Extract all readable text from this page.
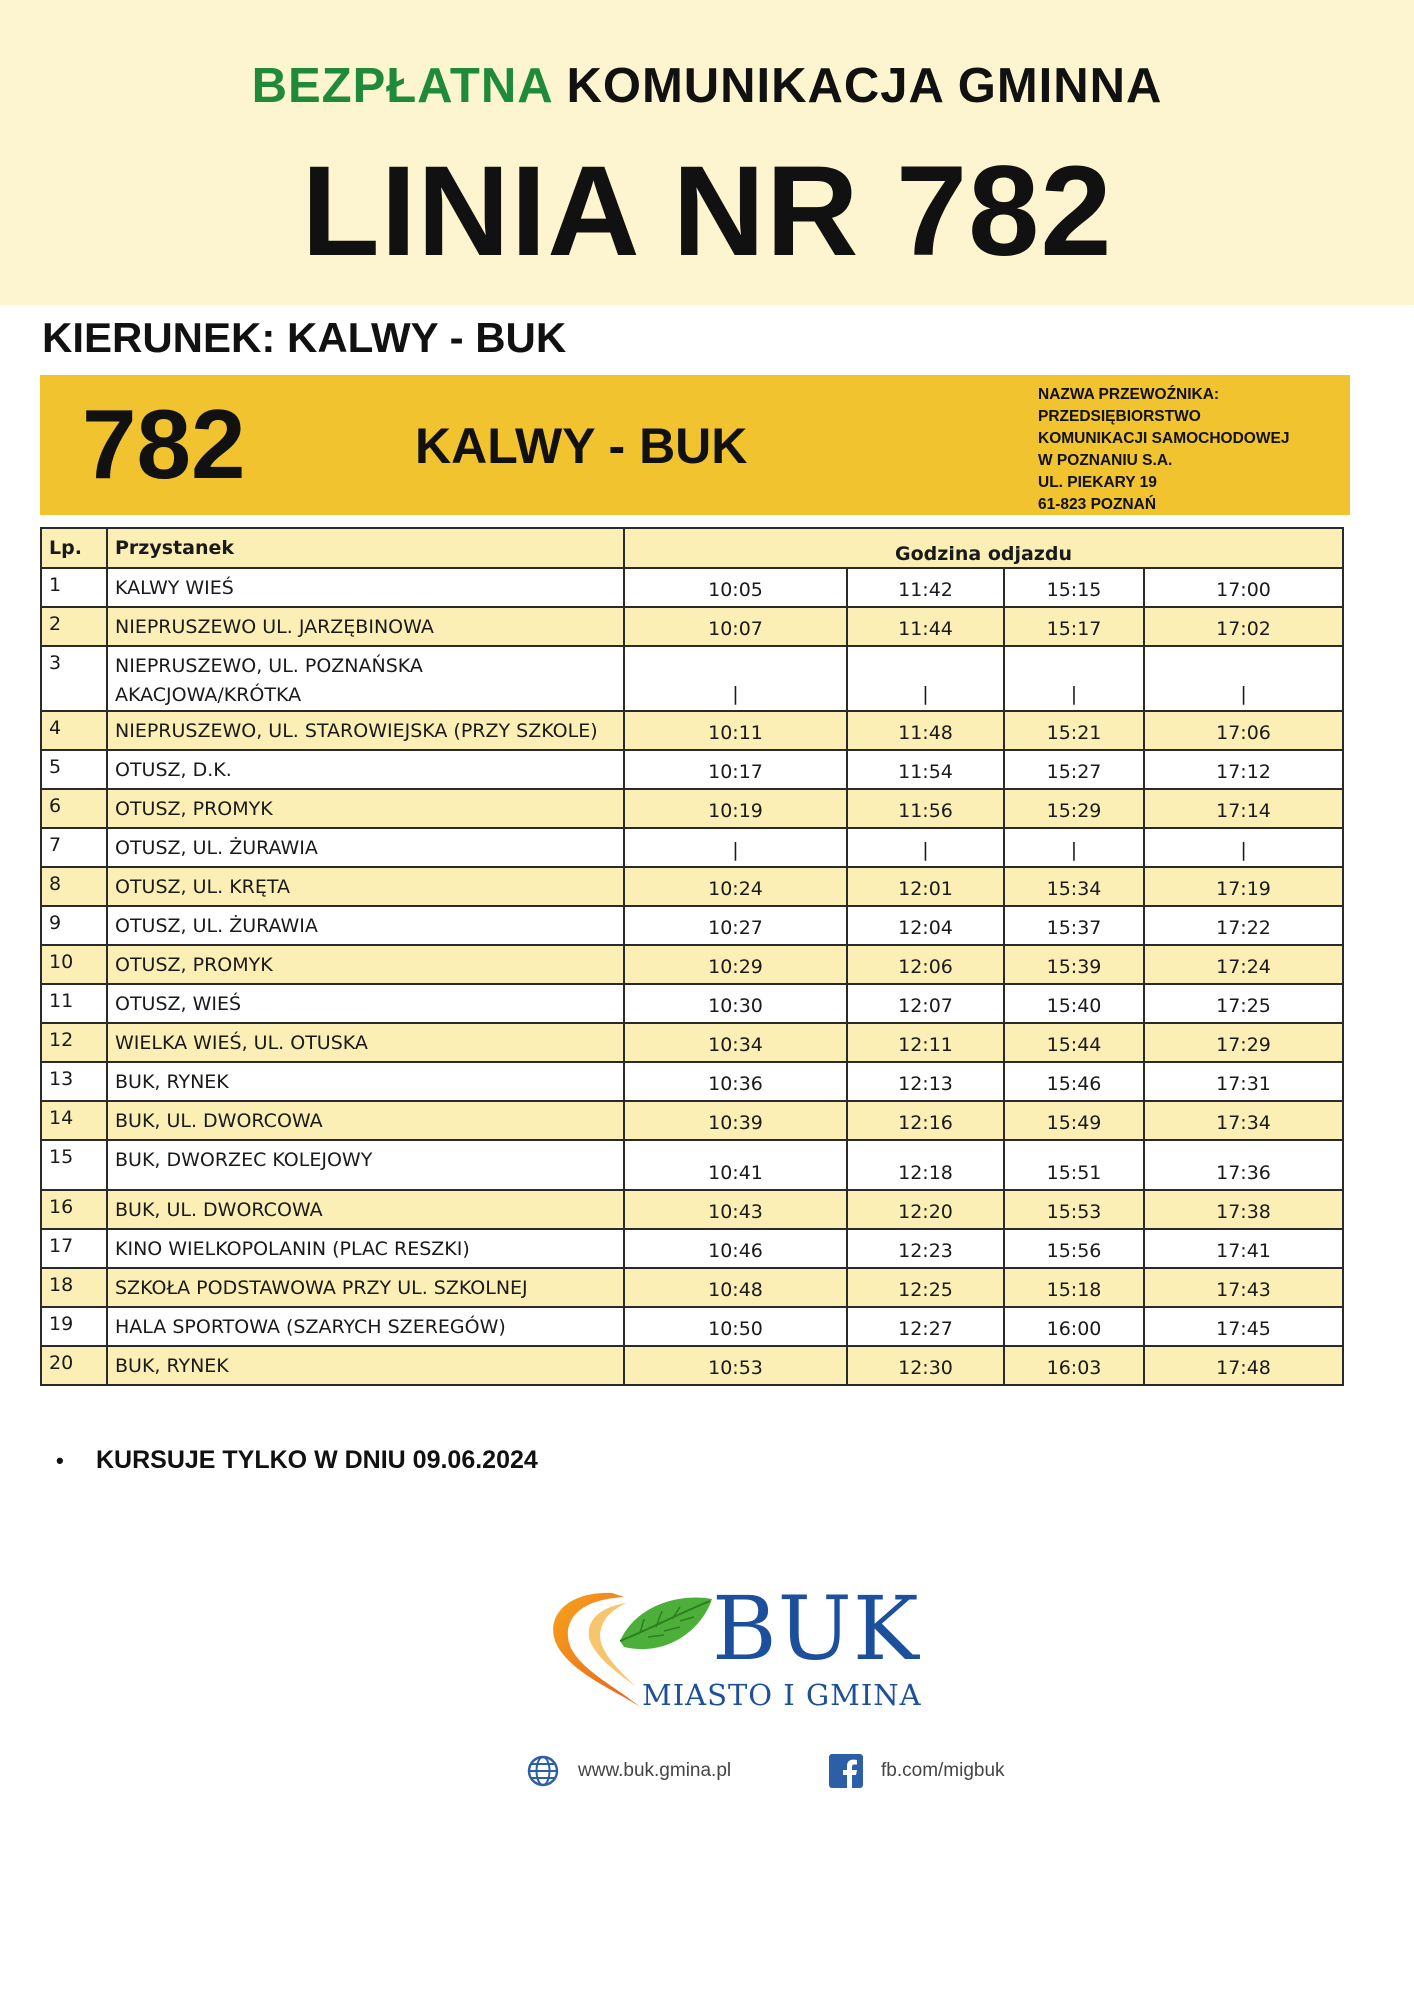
BEZPŁATNA KOMUNIKACJA GMINNA
LINIA NR 782
KIERUNEK: KALWY - BUK
782	KALWY - BUK
NAZWA PRZEWOŹNIKA:
PRZEDSIĘBIORSTWO
KOMUNIKACJI SAMOCHODOWEJ
W POZNANIU S.A.
UL. PIEKARY 19
61-823 POZNAŃ
Lp.	Przystanek	Godzina odjazdu			
1	KALWY WIEŚ	10:05	11:42	15:15	17:00
2	NIEPRUSZEWO UL. JARZĘBINOWA	10:07	11:44	15:17	17:02
3	NIEPRUSZEWO, UL. POZNAŃSKA
AKACJOWA/KRÓTKA	|	|	|	|
4	NIEPRUSZEWO, UL. STAROWIEJSKA (PRZY SZKOLE)	10:11	11:48	15:21	17:06
5	OTUSZ, D.K.	10:17	11:54	15:27	17:12
6	OTUSZ, PROMYK	10:19	11:56	15:29	17:14
7	OTUSZ, UL. ŻURAWIA	|	|	|	|
8	OTUSZ, UL. KRĘTA	10:24	12:01	15:34	17:19
9	OTUSZ, UL. ŻURAWIA	10:27	12:04	15:37	17:22
10	OTUSZ, PROMYK	10:29	12:06	15:39	17:24
11	OTUSZ, WIEŚ	10:30	12:07	15:40	17:25
12	WIELKA WIEŚ, UL. OTUSKA	10:34	12:11	15:44	17:29
13	BUK, RYNEK	10:36	12:13	15:46	17:31
14	BUK, UL. DWORCOWA	10:39	12:16	15:49	17:34
15	BUK, DWORZEC KOLEJOWY	10:41	12:18	15:51	17:36
16	BUK, UL. DWORCOWA	10:43	12:20	15:53	17:38
17	KINO WIELKOPOLANIN (PLAC RESZKI)	10:46	12:23	15:56	17:41
18	SZKOŁA PODSTAWOWA PRZY UL. SZKOLNEJ	10:48	12:25	15:18	17:43
19	HALA SPORTOWA (SZARYCH SZEREGÓW)	10:50	12:27	16:00	17:45
20	BUK, RYNEK	10:53	12:30	16:03	17:48
• KURSUJE TYLKO W DNIU 09.06.2024
BUK
MIASTO I GMINA
www.buk.gmina.pl	fb.com/migbuk
